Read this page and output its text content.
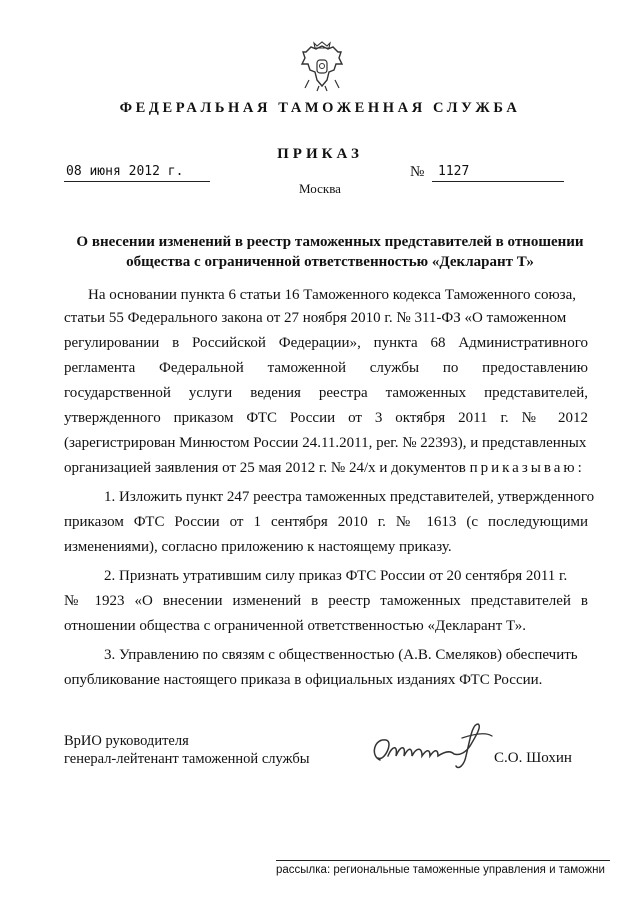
ФЕДЕРАЛЬНАЯ ТАМОЖЕННАЯ СЛУЖБА
ПРИКАЗ
08 июня 2012 г.	№	1127
Москва
О внесении изменений в реестр таможенных представителей в отношении общества с ограниченной ответственностью «Декларант Т»
На основании пункта 6 статьи 16 Таможенного кодекса Таможенного союза,
статьи 55 Федерального закона от 27 ноября 2010 г. № 311-ФЗ «О таможенном
регулировании в Российской Федерации», пункта 68 Административного
регламента Федеральной таможенной службы по предоставлению
государственной услуги ведения реестра таможенных представителей,
утвержденного приказом ФТС России от 3 октября 2011 г. № 2012
(зарегистрирован Минюстом России 24.11.2011, рег. № 22393), и представленных
организацией заявления от 25 мая 2012 г. № 24/х и документов приказываю:
1. Изложить пункт 247 реестра таможенных представителей, утвержденного
приказом ФТС России от 1 сентября 2010 г. № 1613 (с последующими
изменениями), согласно приложению к настоящему приказу.
2. Признать утратившим силу приказ ФТС России от 20 сентября 2011 г.
№ 1923 «О внесении изменений в реестр таможенных представителей в
отношении общества с ограниченной ответственностью «Декларант Т».
3. Управлению по связям с общественностью (А.В. Смеляков) обеспечить
опубликование настоящего приказа в официальных изданиях ФТС России.
ВрИО руководителя
генерал-лейтенант таможенной службы	С.О. Шохин
рассылка: региональные таможенные управления и таможни
